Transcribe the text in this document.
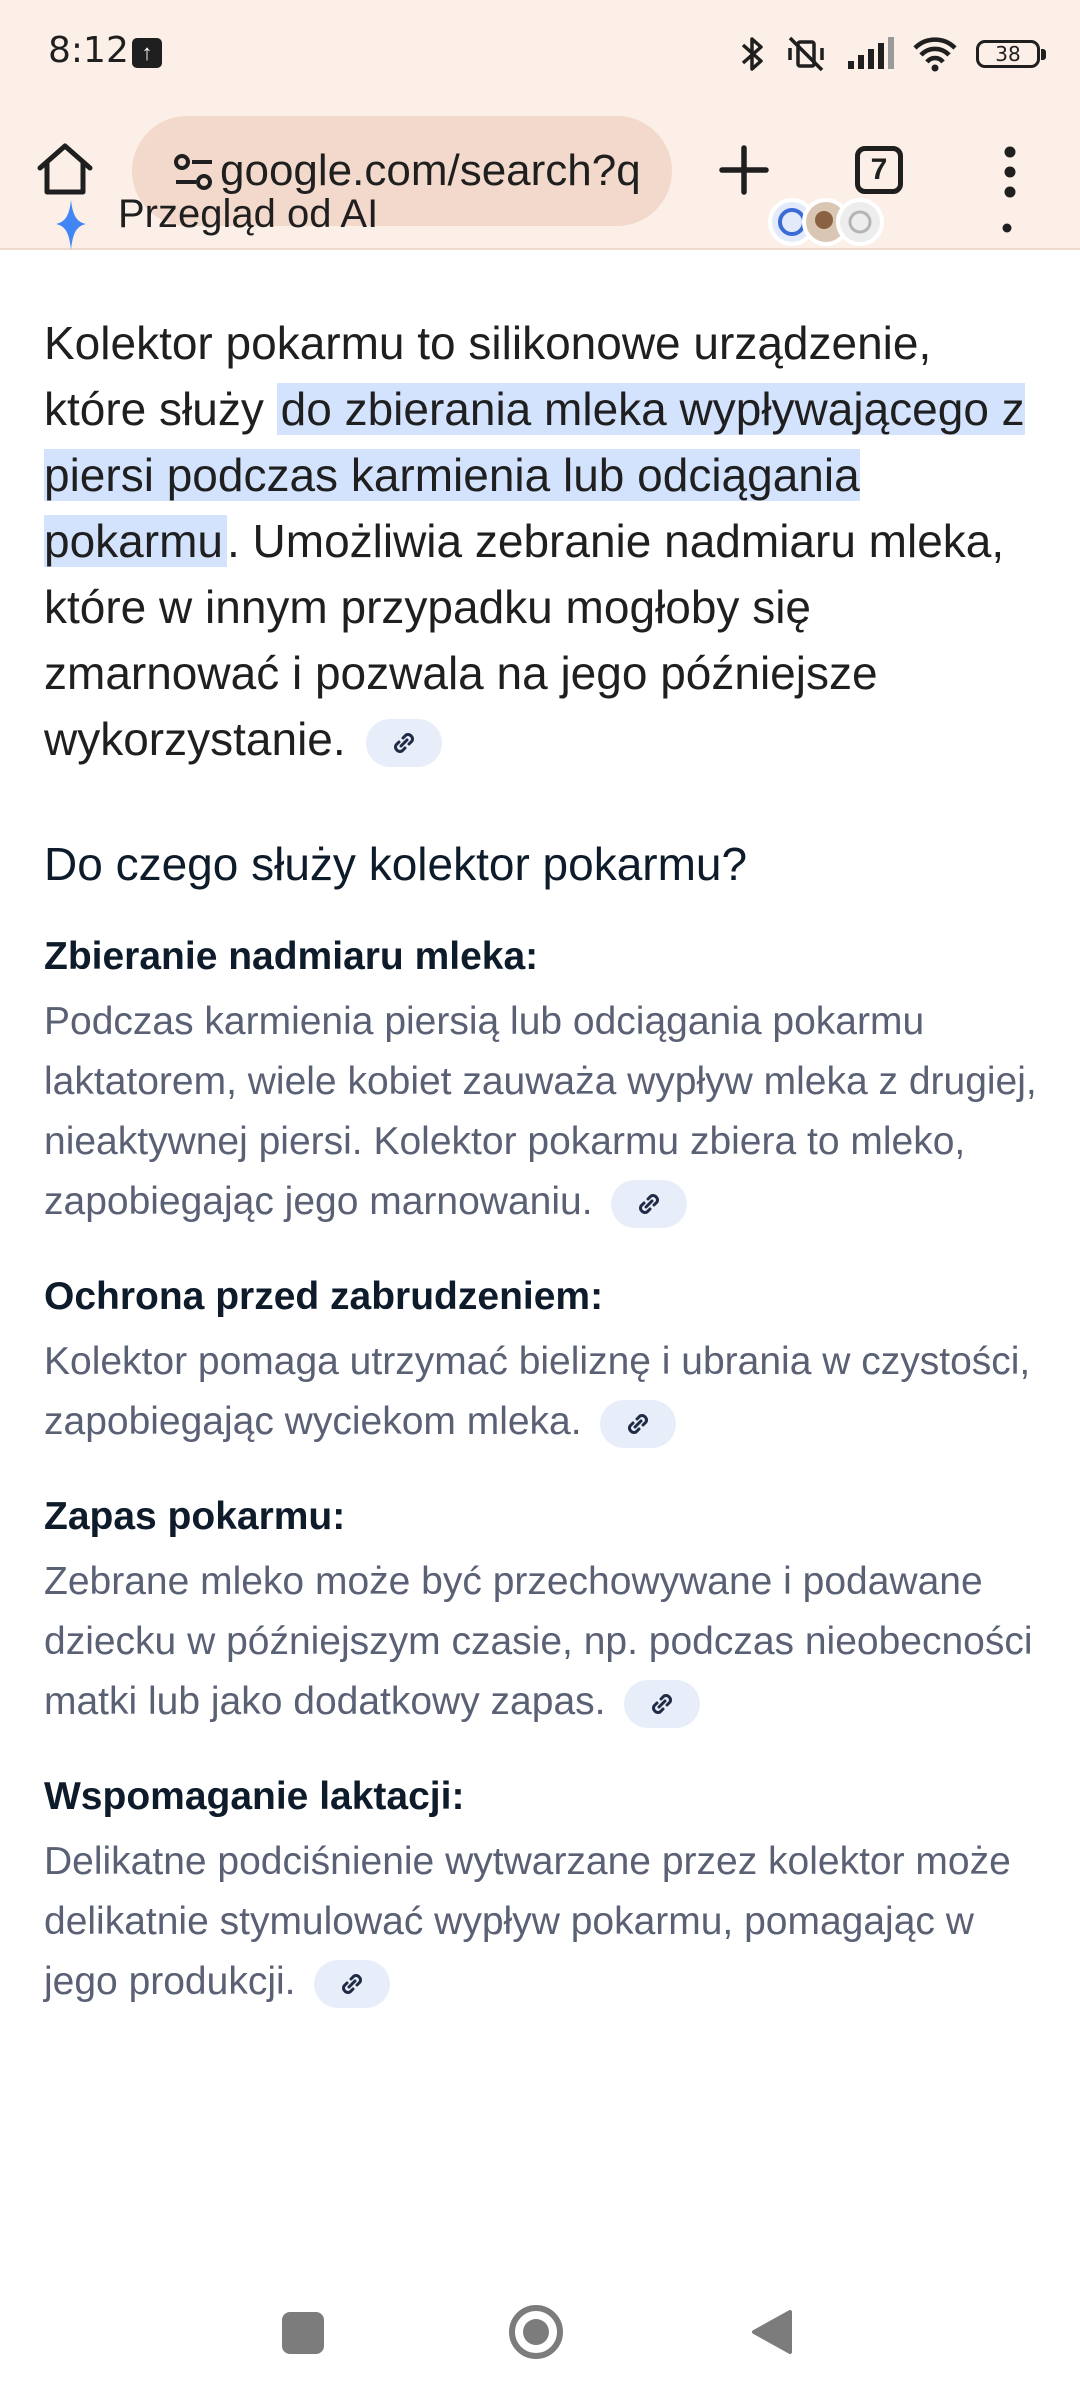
8:12 ↑	38
google.com/search?q	7
Przegląd od AI
Kolektor pokarmu to silikonowe urządzenie, które służy do zbierania mleka wypływającego z piersi podczas karmienia lub odciągania pokarmu. Umożliwia zebranie nadmiaru mleka, które w innym przypadku mogłoby się zmarnować i pozwala na jego późniejsze wykorzystanie.
Do czego służy kolektor pokarmu?
Zbieranie nadmiaru mleka:
Podczas karmienia piersią lub odciągania pokarmu laktatorem, wiele kobiet zauważa wypływ mleka z drugiej, nieaktywnej piersi. Kolektor pokarmu zbiera to mleko, zapobiegając jego marnowaniu.
Ochrona przed zabrudzeniem:
Kolektor pomaga utrzymać bieliznę i ubrania w czystości, zapobiegając wyciekom mleka.
Zapas pokarmu:
Zebrane mleko może być przechowywane i podawane dziecku w późniejszym czasie, np. podczas nieobecności matki lub jako dodatkowy zapas.
Wspomaganie laktacji:
Delikatne podciśnienie wytwarzane przez kolektor może delikatnie stymulować wypływ pokarmu, pomagając w jego produkcji.
